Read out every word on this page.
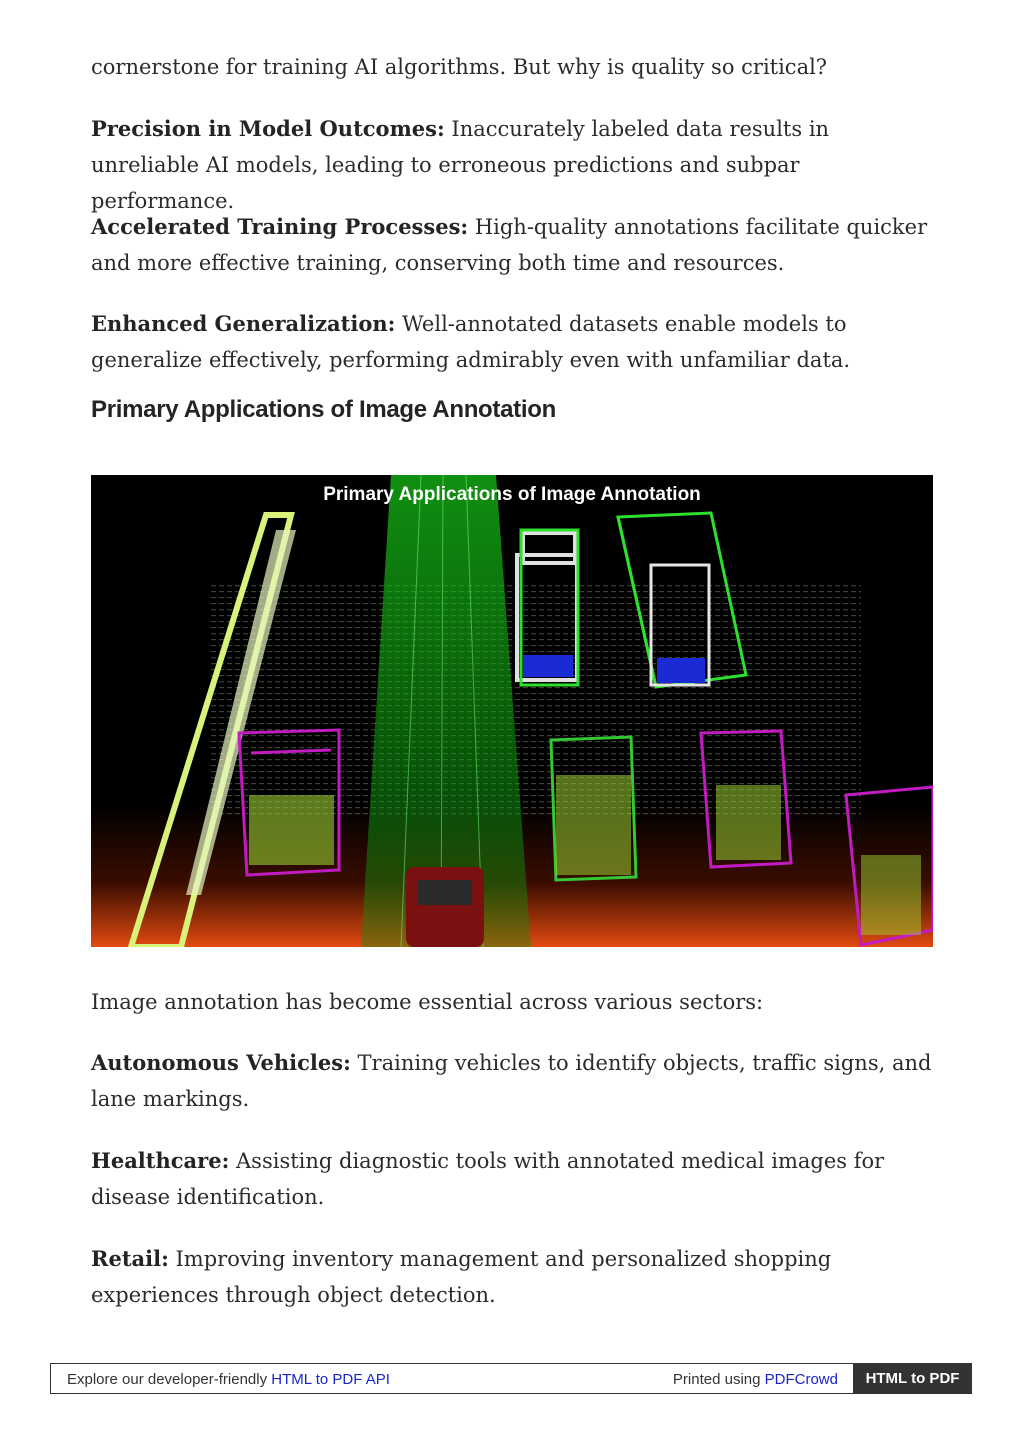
cornerstone for training AI algorithms. But why is quality so critical?

Precision in Model Outcomes: Inaccurately labeled data results in unreliable AI models, leading to erroneous predictions and subpar performance.

Accelerated Training Processes: High-quality annotations facilitate quicker and more effective training, conserving both time and resources.

Enhanced Generalization: Well-annotated datasets enable models to generalize effectively, performing admirably even with unfamiliar data.

Primary Applications of Image Annotation
Primary Applications of Image Annotation

Image annotation has become essential across various sectors:

Autonomous Vehicles: Training vehicles to identify objects, traffic signs, and lane markings.

Healthcare: Assisting diagnostic tools with annotated medical images for disease identification.

Retail: Improving inventory management and personalized shopping experiences through object detection.

Explore our developer-friendly HTML to PDF API	Printed using PDFCrowd	HTML to PDF
